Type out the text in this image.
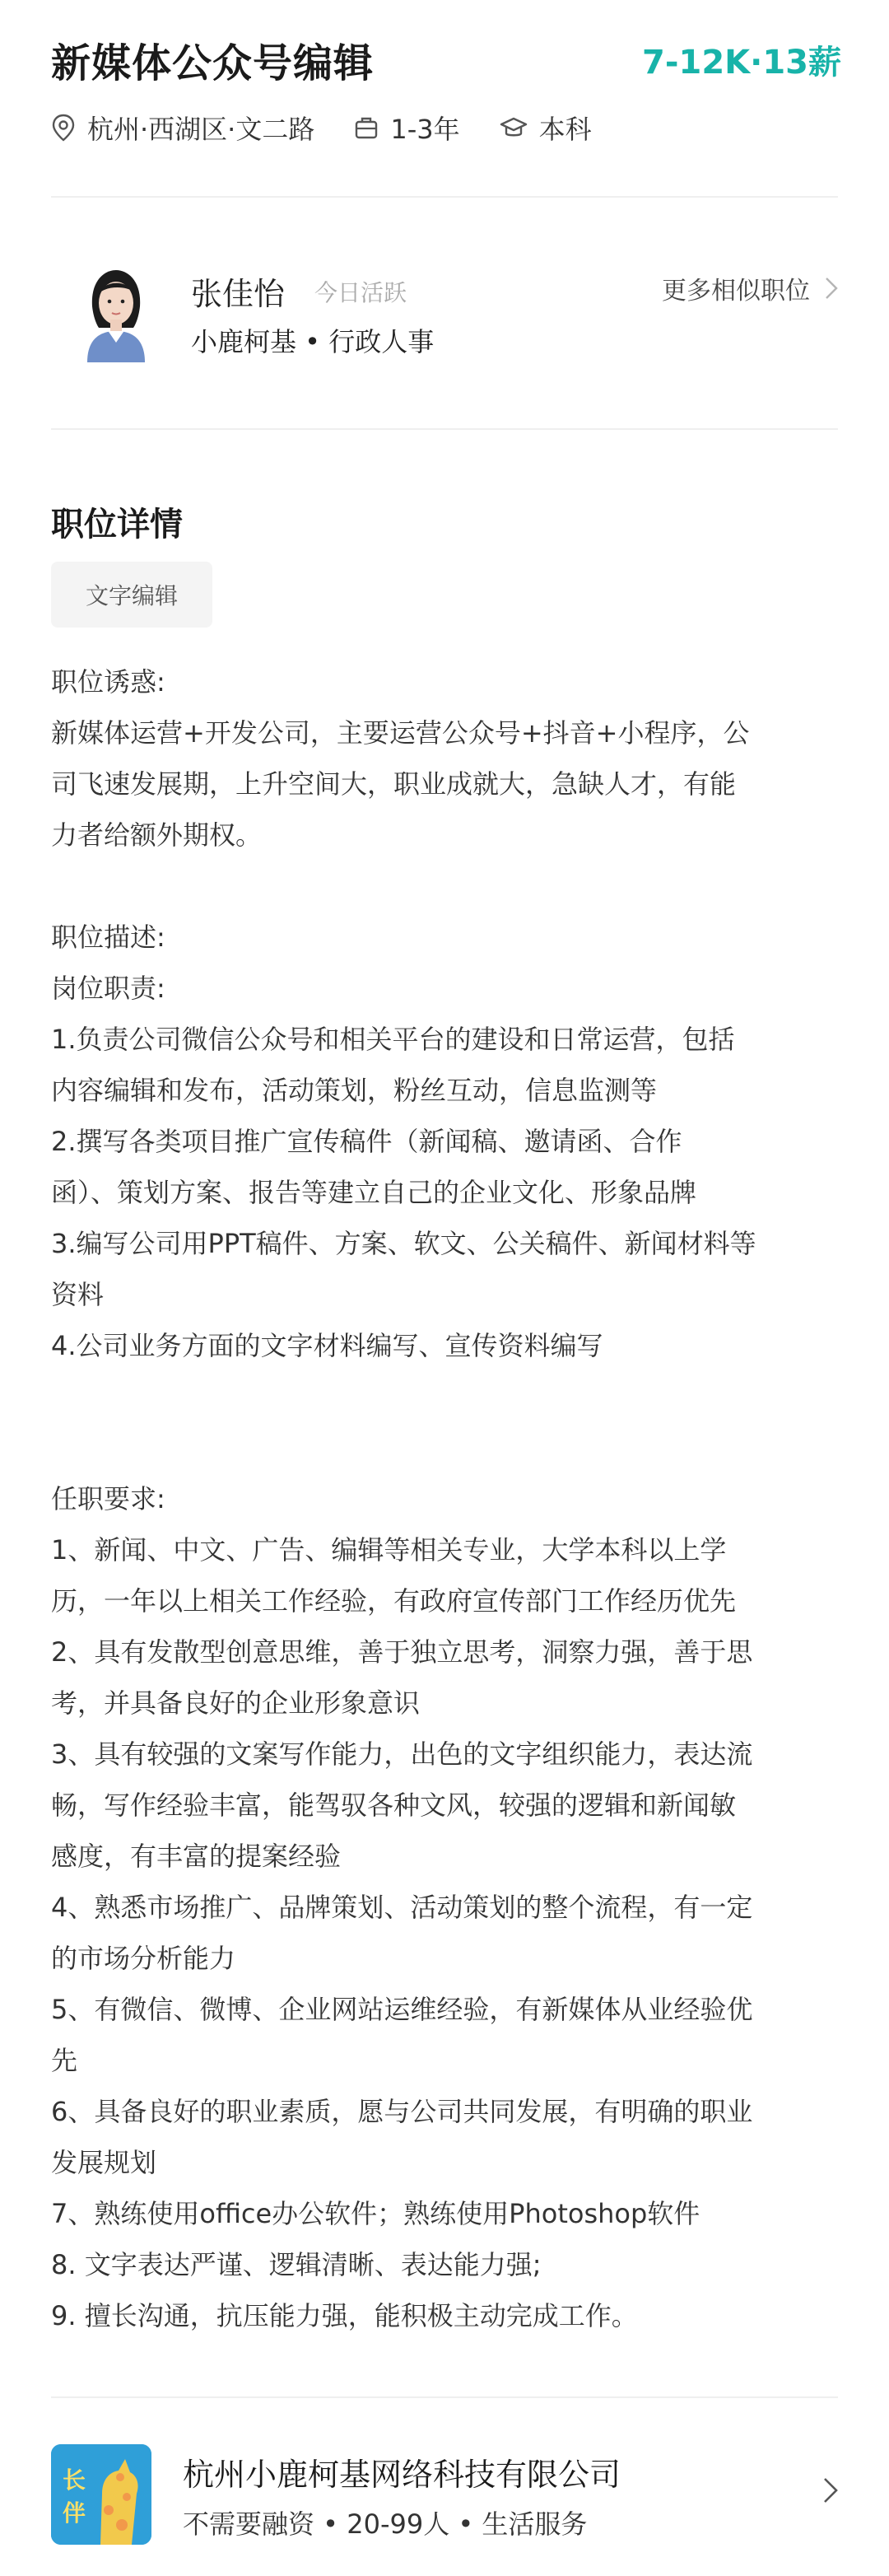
新媒体公众号编辑	7-12K·13薪
杭州·西湖区·文二路	1-3年	本科
张佳怡 今日活跃
小鹿柯基 • 行政人事
更多相似职位
职位详情
文字编辑
职位诱惑:
新媒体运营+开发公司，主要运营公众号+抖音+小程序，公
司飞速发展期，上升空间大，职业成就大，急缺人才，有能
力者给额外期权。
职位描述:
岗位职责:
1.负责公司微信公众号和相关平台的建设和日常运营，包括
内容编辑和发布，活动策划，粉丝互动，信息监测等
2.撰写各类项目推广宣传稿件（新闻稿、邀请函、合作
函）、策划方案、报告等建立自己的企业文化、形象品牌
3.编写公司用PPT稿件、方案、软文、公关稿件、新闻材料等
资料
4.公司业务方面的文字材料编写、宣传资料编写
任职要求:
1、新闻、中文、广告、编辑等相关专业，大学本科以上学
历，一年以上相关工作经验，有政府宣传部门工作经历优先
2、具有发散型创意思维，善于独立思考，洞察力强，善于思
考，并具备良好的企业形象意识
3、具有较强的文案写作能力，出色的文字组织能力，表达流
畅，写作经验丰富，能驾驭各种文风，较强的逻辑和新闻敏
感度，有丰富的提案经验
4、熟悉市场推广、品牌策划、活动策划的整个流程，有一定
的市场分析能力
5、有微信、微博、企业网站运维经验，有新媒体从业经验优
先
6、具备良好的职业素质，愿与公司共同发展，有明确的职业
发展规划
7、熟练使用office办公软件；熟练使用Photoshop软件
8. 文字表达严谨、逻辑清晰、表达能力强;
9. 擅长沟通，抗压能力强，能积极主动完成工作。
长
伴
杭州小鹿柯基网络科技有限公司
不需要融资 • 20-99人 • 生活服务
